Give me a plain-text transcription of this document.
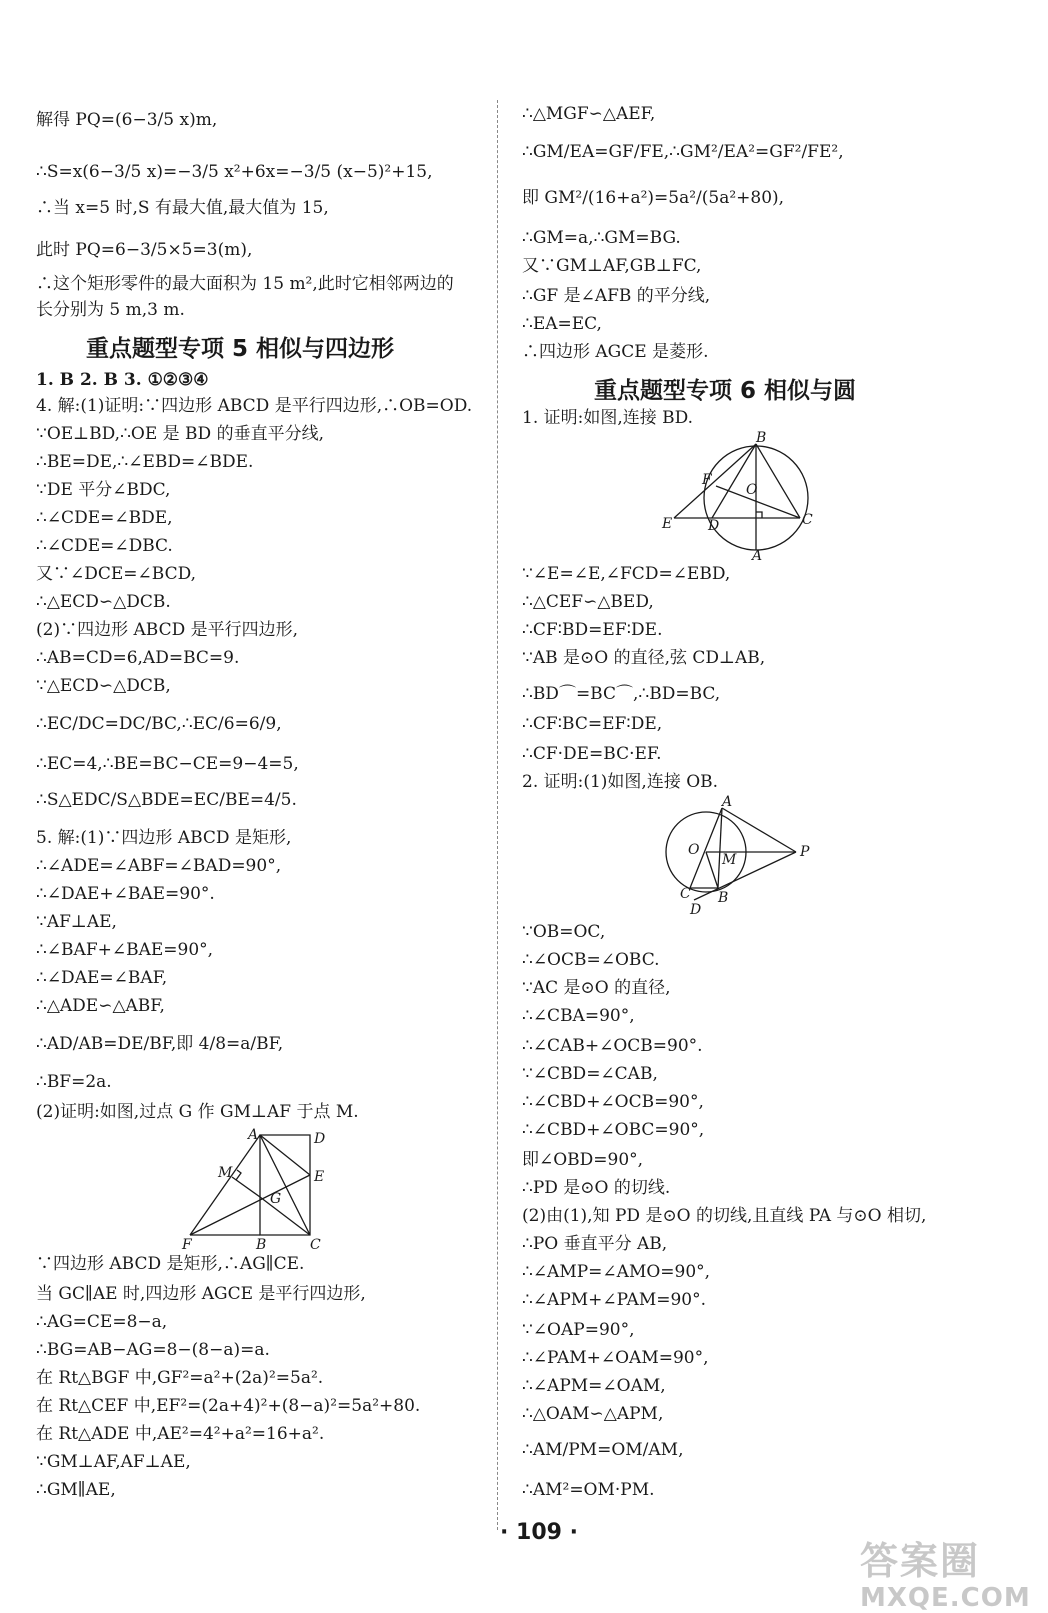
解得 PQ=(6−3/5 x)m,
∴S=x(6−3/5 x)=−3/5 x²+6x=−3/5 (x−5)²+15,
∴当 x=5 时,S 有最大值,最大值为 15,
此时 PQ=6−3/5×5=3(m),
∴这个矩形零件的最大面积为 15 m²,此时它相邻两边的
长分别为 5 m,3 m.
重点题型专项 5 相似与四边形
1. B 2. B 3. ①②③④
4. 解:(1)证明:∵四边形 ABCD 是平行四边形,∴OB=OD.
∵OE⊥BD,∴OE 是 BD 的垂直平分线,
∴BE=DE,∴∠EBD=∠BDE.
∵DE 平分∠BDC,
∴∠CDE=∠BDE,
∴∠CDE=∠DBC.
又∵∠DCE=∠BCD,
∴△ECD∽△DCB.
(2)∵四边形 ABCD 是平行四边形,
∴AB=CD=6,AD=BC=9.
∵△ECD∽△DCB,
∴EC/DC=DC/BC,∴EC/6=6/9,
∴EC=4,∴BE=BC−CE=9−4=5,
∴S△EDC/S△BDE=EC/BE=4/5.
5. 解:(1)∵四边形 ABCD 是矩形,
∴∠ADE=∠ABF=∠BAD=90°,
∴∠DAE+∠BAE=90°.
∵AF⊥AE,
∴∠BAF+∠BAE=90°,
∴∠DAE=∠BAF,
∴△ADE∽△ABF,
∴AD/AB=DE/BF,即 4/8=a/BF,
∴BF=2a.
(2)证明:如图,过点 G 作 GM⊥AF 于点 M.
A	D
M	E
G
F	B	C
∵四边形 ABCD 是矩形,∴AG∥CE.
当 GC∥AE 时,四边形 AGCE 是平行四边形,
∴AG=CE=8−a,
∴BG=AB−AG=8−(8−a)=a.
在 Rt△BGF 中,GF²=a²+(2a)²=5a².
在 Rt△CEF 中,EF²=(2a+4)²+(8−a)²=5a²+80.
在 Rt△ADE 中,AE²=4²+a²=16+a².
∵GM⊥AF,AF⊥AE,
∴GM∥AE,
∴△MGF∽△AEF,
∴GM/EA=GF/FE,∴GM²/EA²=GF²/FE²,
即 GM²/(16+a²)=5a²/(5a²+80),
∴GM=a,∴GM=BG.
又∵GM⊥AF,GB⊥FC,
∴GF 是∠AFB 的平分线,
∴EA=EC,
∴四边形 AGCE 是菱形.
重点题型专项 6 相似与圆
1. 证明:如图,连接 BD.
B
F
O
E	D	C
A
∵∠E=∠E,∠FCD=∠EBD,
∴△CEF∽△BED,
∴CF∶BD=EF∶DE.
∵AB 是⊙O 的直径,弦 CD⊥AB,
∴BD⌒=BC⌒,∴BD=BC,
∴CF∶BC=EF∶DE,
∴CF·DE=BC·EF.
2. 证明:(1)如图,连接 OB.
A
O
M	P
C B
D
∵OB=OC,
∴∠OCB=∠OBC.
∵AC 是⊙O 的直径,
∴∠CBA=90°,
∴∠CAB+∠OCB=90°.
∵∠CBD=∠CAB,
∴∠CBD+∠OCB=90°,
∴∠CBD+∠OBC=90°,
即∠OBD=90°,
∴PD 是⊙O 的切线.
(2)由(1),知 PD 是⊙O 的切线,且直线 PA 与⊙O 相切,
∴PO 垂直平分 AB,
∴∠AMP=∠AMO=90°,
∴∠APM+∠PAM=90°.
∵∠OAP=90°,
∴∠PAM+∠OAM=90°,
∴∠APM=∠OAM,
∴△OAM∽△APM,
∴AM/PM=OM/AM,
∴AM²=OM·PM.
· 109 ·
答案圈
MXQE.COM
